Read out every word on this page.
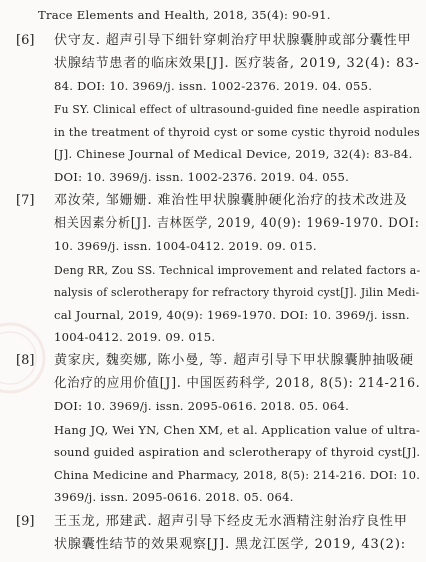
Trace Elements and Health, 2018, 35(4): 90-91.
[6] 伏守友. 超声引导下细针穿刺治疗甲状腺囊肿或部分囊性甲
状腺结节患者的临床效果[J]. 医疗装备, 2019, 32(4): 83-
84. DOI: 10. 3969/j. issn. 1002-2376. 2019. 04. 055.
Fu SY. Clinical effect of ultrasound-guided fine needle aspiration
in the treatment of thyroid cyst or some cystic thyroid nodules
[J]. Chinese Journal of Medical Device, 2019, 32(4): 83-84.
DOI: 10. 3969/j. issn. 1002-2376. 2019. 04. 055.
[7] 邓汝荣, 邹姗姗. 难治性甲状腺囊肿硬化治疗的技术改进及
相关因素分析[J]. 吉林医学, 2019, 40(9): 1969-1970. DOI:
10. 3969/j. issn. 1004-0412. 2019. 09. 015.
Deng RR, Zou SS. Technical improvement and related factors a-
nalysis of sclerotherapy for refractory thyroid cyst[J]. Jilin Medi-
cal Journal, 2019, 40(9): 1969-1970. DOI: 10. 3969/j. issn.
1004-0412. 2019. 09. 015.
[8] 黄家庆, 魏奕娜, 陈小曼, 等. 超声引导下甲状腺囊肿抽吸硬
化治疗的应用价值[J]. 中国医药科学, 2018, 8(5): 214-216.
DOI: 10. 3969/j. issn. 2095-0616. 2018. 05. 064.
Hang JQ, Wei YN, Chen XM, et al. Application value of ultra-
sound guided aspiration and sclerotherapy of thyroid cyst[J].
China Medicine and Pharmacy, 2018, 8(5): 214-216. DOI: 10.
3969/j. issn. 2095-0616. 2018. 05. 064.
[9] 王玉龙, 邢建武. 超声引导下经皮无水酒精注射治疗良性甲
状腺囊性结节的效果观察[J]. 黑龙江医学, 2019, 43(2):
